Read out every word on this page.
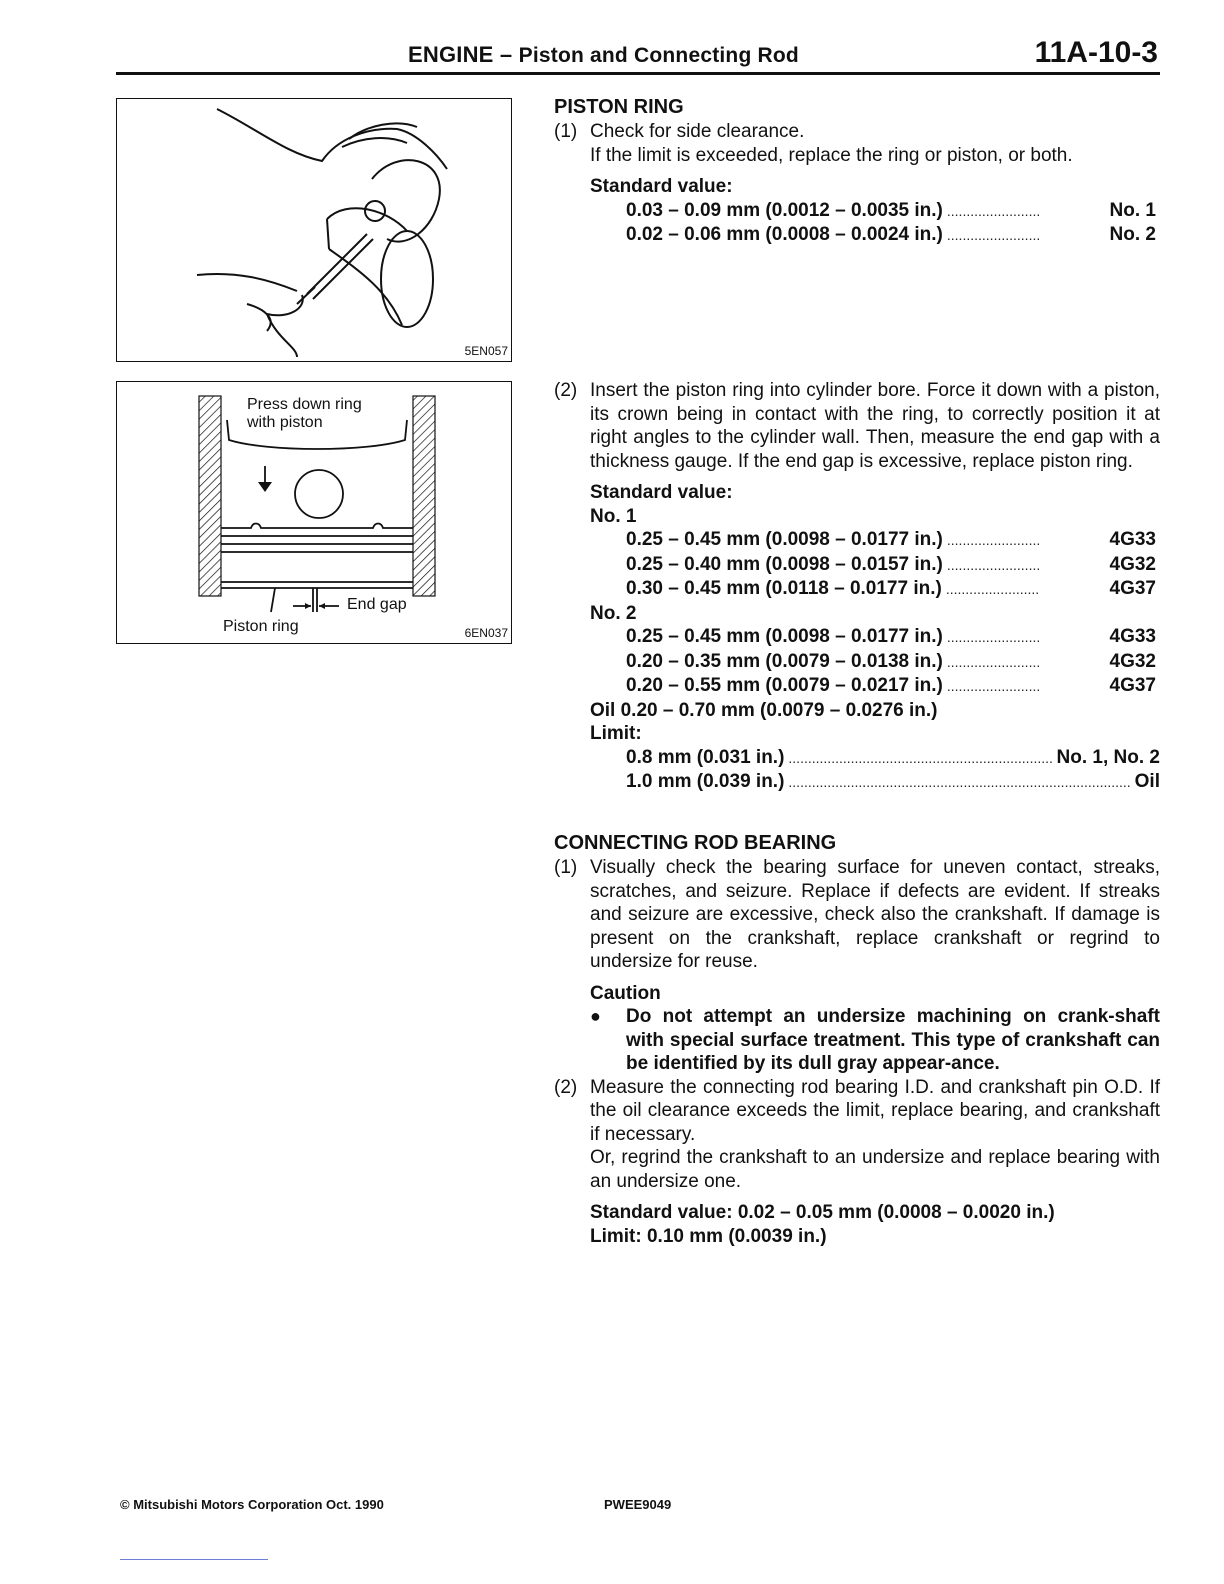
ENGINE – Piston and Connecting Rod	11A-10-3
5EN057
Press down ring
with piston
End gap
Piston ring	6EN037
PISTON RING
(1) Check for side clearance.
If the limit is exceeded, replace the ring or piston, or both.
Standard value:
0.03 – 0.09 mm (0.0012 – 0.0035 in.) .....	No. 1
0.02 – 0.06 mm (0.0008 – 0.0024 in.) .....	No. 2
(2) Insert the piston ring into cylinder bore. Force it down with a piston, its crown being in contact with the ring, to correctly position it at right angles to the cylinder wall. Then, measure the end gap with a thickness gauge. If the end gap is excessive, replace piston ring.
Standard value:
No. 1
0.25 – 0.45 mm (0.0098 – 0.0177 in.) .....	4G33
0.25 – 0.40 mm (0.0098 – 0.0157 in.) .....	4G32
0.30 – 0.45 mm (0.0118 – 0.0177 in.) .....	4G37
No. 2
0.25 – 0.45 mm (0.0098 – 0.0177 in.) .....	4G33
0.20 – 0.35 mm (0.0079 – 0.0138 in.) .....	4G32
0.20 – 0.55 mm (0.0079 – 0.0217 in.) .....	4G37
Oil 0.20 – 0.70 mm (0.0079 – 0.0276 in.)
Limit:
0.8 mm (0.031 in.) .....	No. 1, No. 2
1.0 mm (0.039 in.) .....	Oil
CONNECTING ROD BEARING
(1) Visually check the bearing surface for uneven contact, streaks, scratches, and seizure. Replace if defects are evident. If streaks and seizure are excessive, check also the crankshaft. If damage is present on the crankshaft, replace crankshaft or regrind to undersize for reuse.
Caution
●	Do not attempt an undersize machining on crank-shaft with special surface treatment. This type of crankshaft can be identified by its dull gray appear-ance.
(2) Measure the connecting rod bearing I.D. and crankshaft pin O.D. If the oil clearance exceeds the limit, replace bearing, and crankshaft if necessary.
Or, regrind the crankshaft to an undersize and replace bearing with an undersize one.
Standard value: 0.02 – 0.05 mm (0.0008 – 0.0020 in.)
Limit: 0.10 mm (0.0039 in.)
© Mitsubishi Motors Corporation Oct. 1990	PWEE9049
